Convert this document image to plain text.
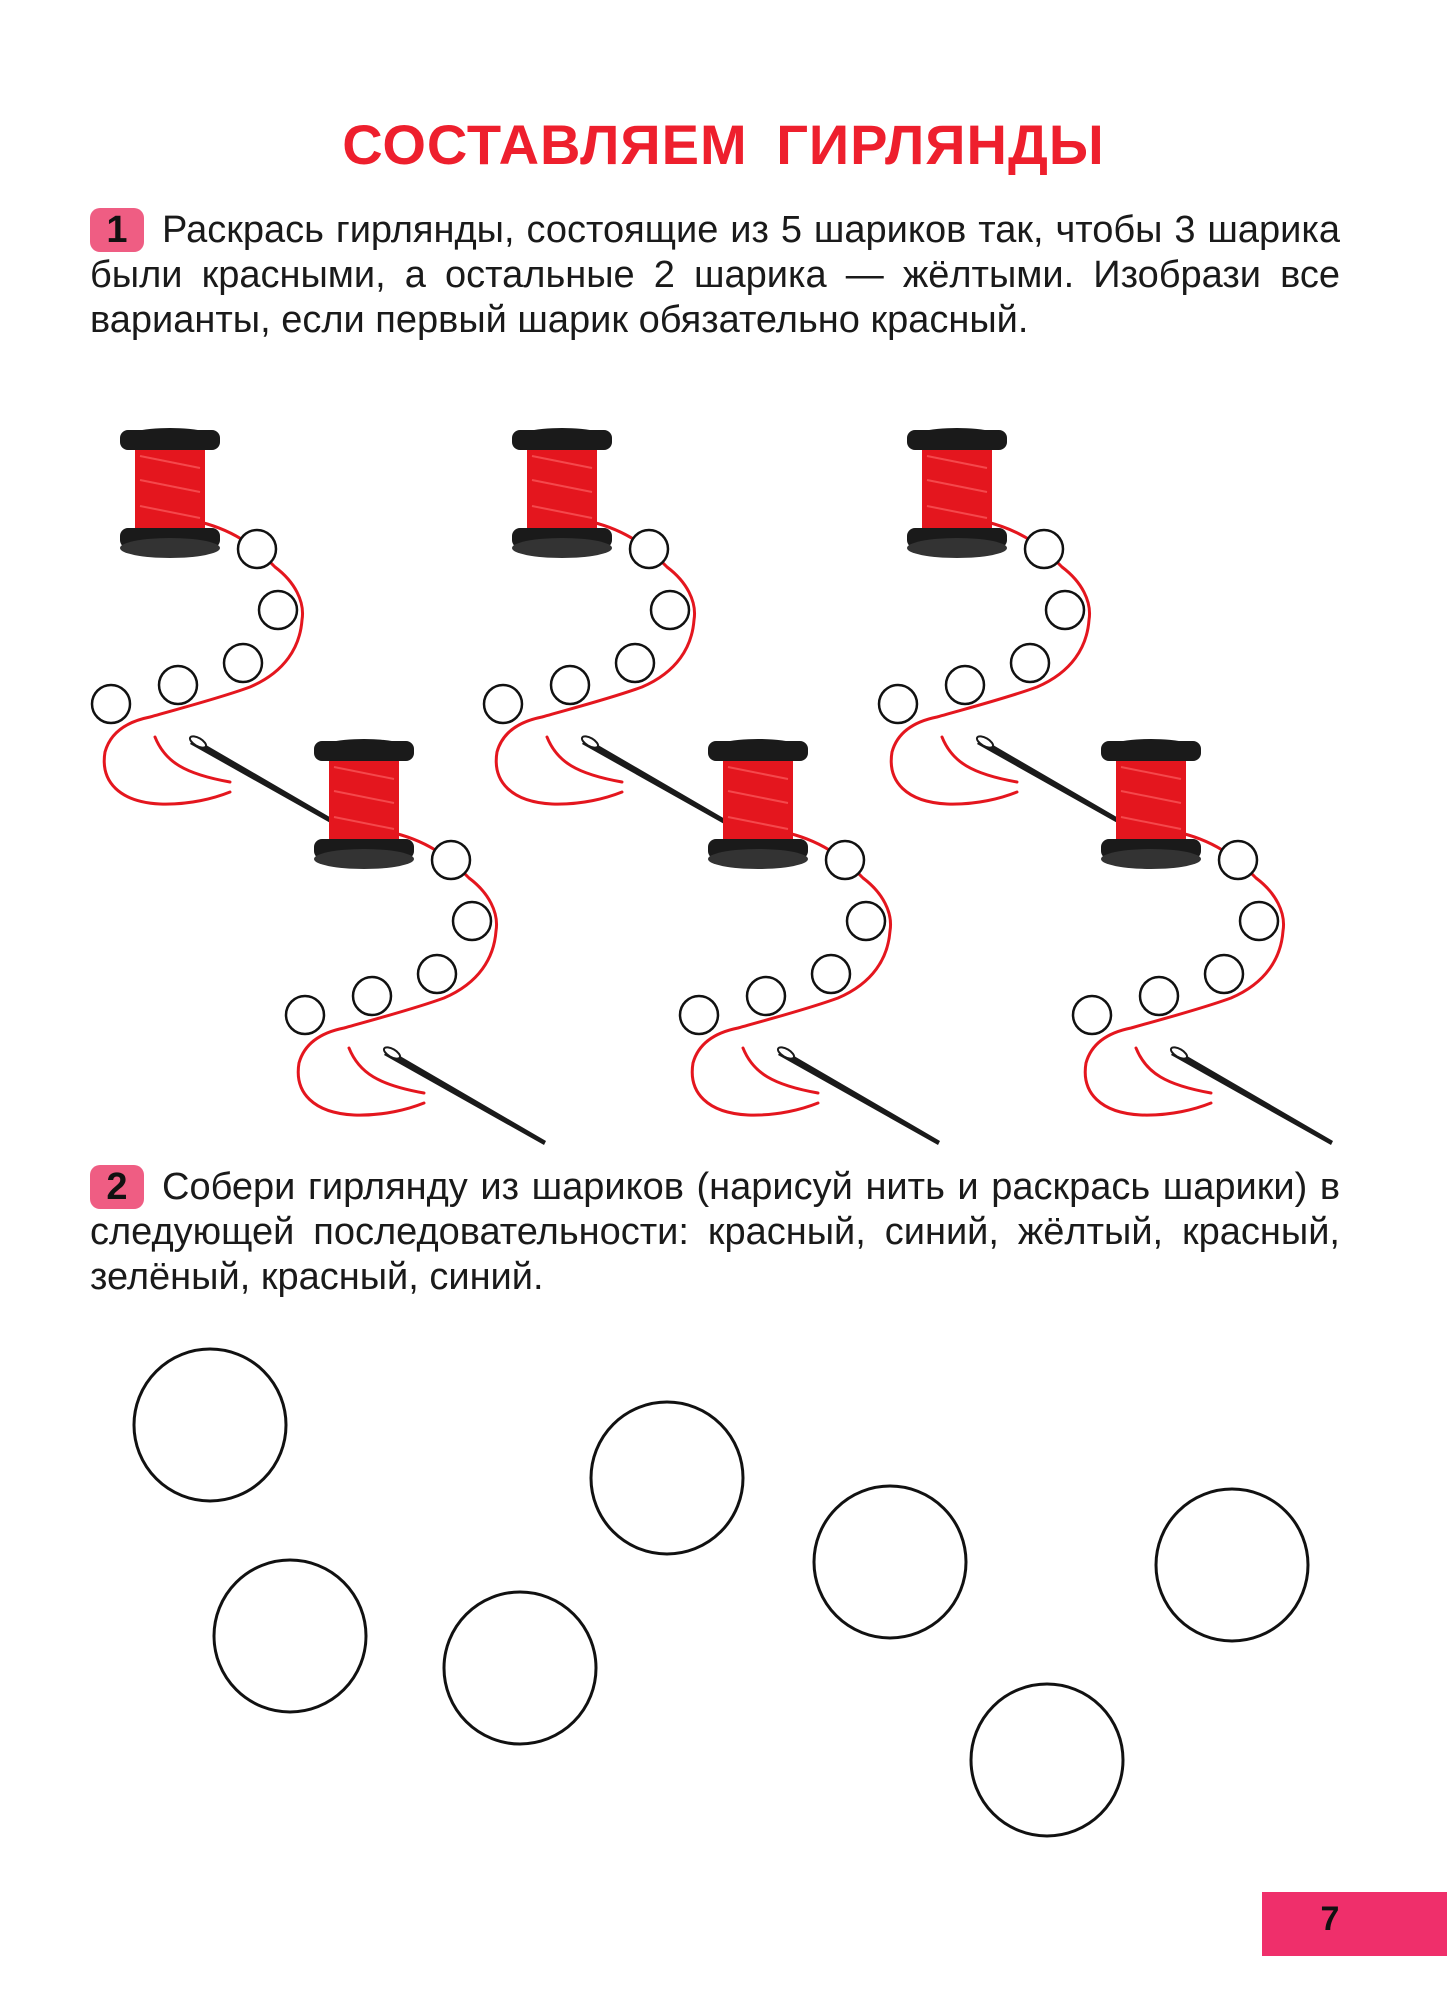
СОСТАВЛЯЕМ ГИРЛЯНДЫ
1 Раскрась гирлянды, состоящие из 5 шариков так, чтобы 3 шарика были красными, а остальные 2 шарика — жёлтыми. Изобрази все варианты, если первый шарик обязательно красный.
2 Собери гирлянду из шариков (нарисуй нить и раскрась шарики) в следующей последовательности: красный, синий, жёлтый, красный, зелёный, красный, синий.
7
